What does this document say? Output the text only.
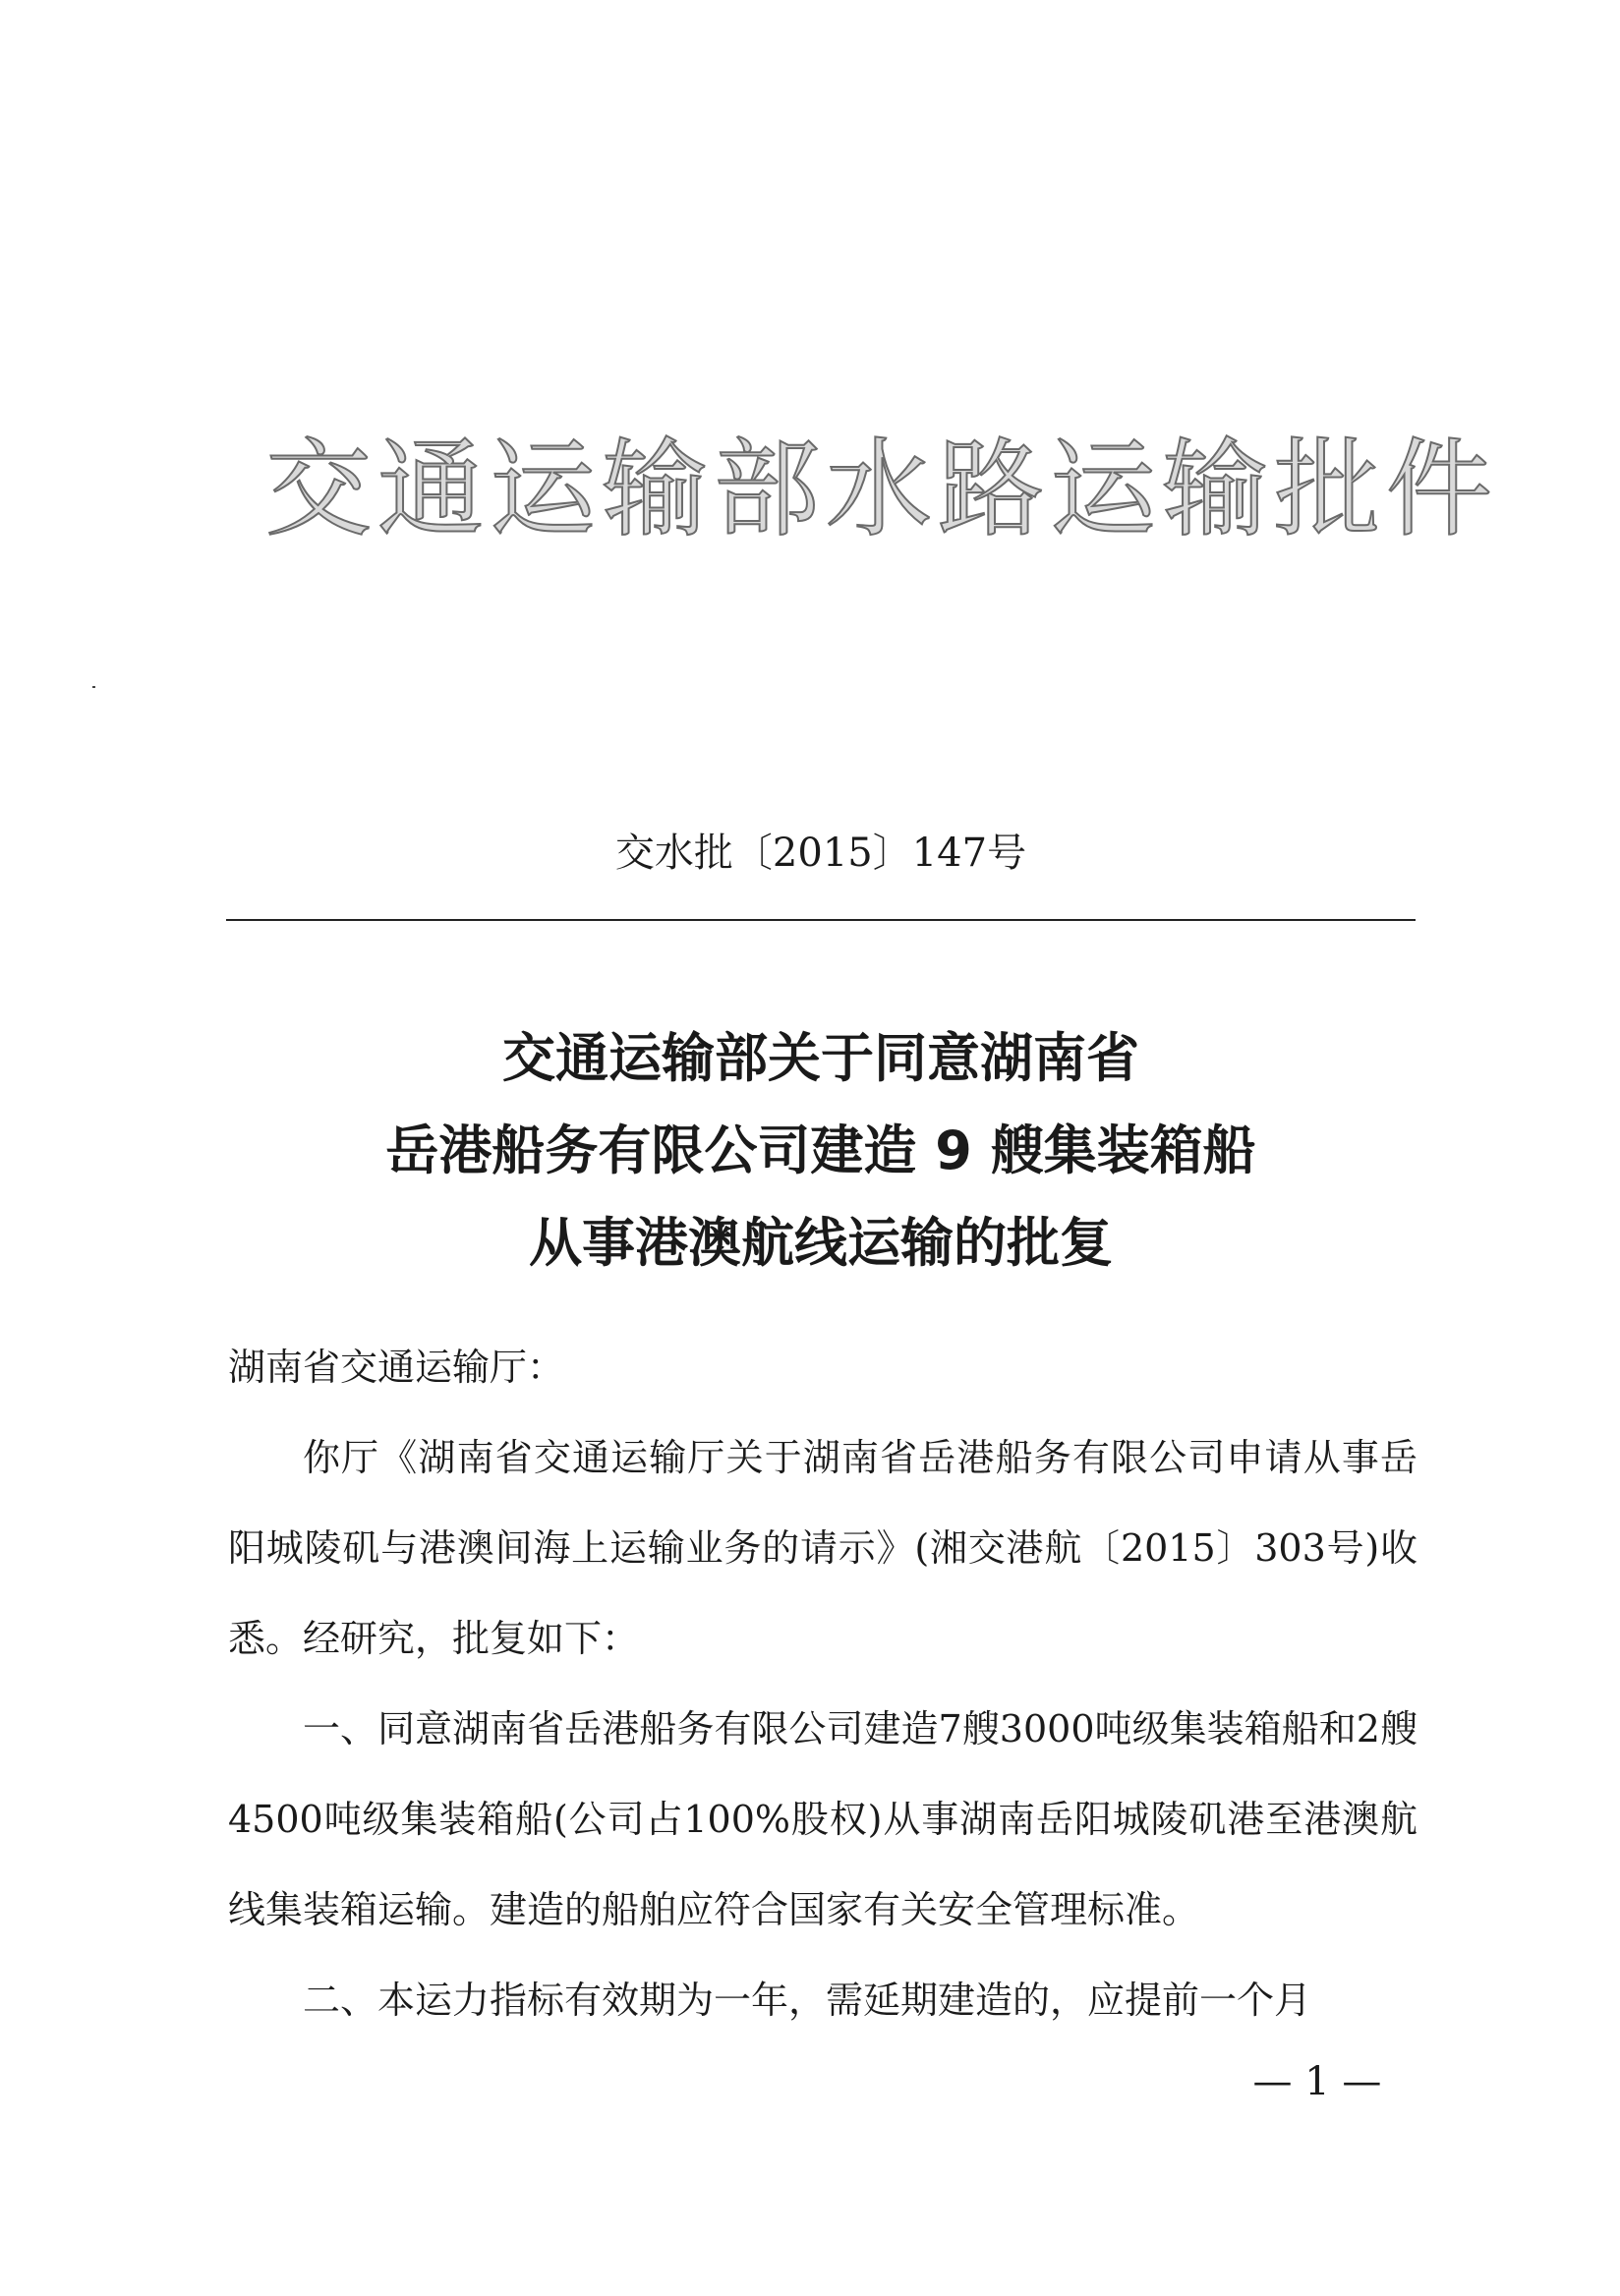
交通运输部水路运输批件
交水批〔2015〕147号
交通运输部关于同意湖南省
岳港船务有限公司建造 9 艘集装箱船
从事港澳航线运输的批复

湖南省交通运输厅：

你厅《湖南省交通运输厅关于湖南省岳港船务有限公司申请从事岳阳城陵矶与港澳间海上运输业务的请示》(湘交港航〔2015〕303号)收悉。经研究，批复如下：

一、同意湖南省岳港船务有限公司建造7艘3000吨级集装箱船和2艘4500吨级集装箱船(公司占100%股权)从事湖南岳阳城陵矶港至港澳航线集装箱运输。建造的船舶应符合国家有关安全管理标准。

二、本运力指标有效期为一年，需延期建造的，应提前一个月

— 1 —
